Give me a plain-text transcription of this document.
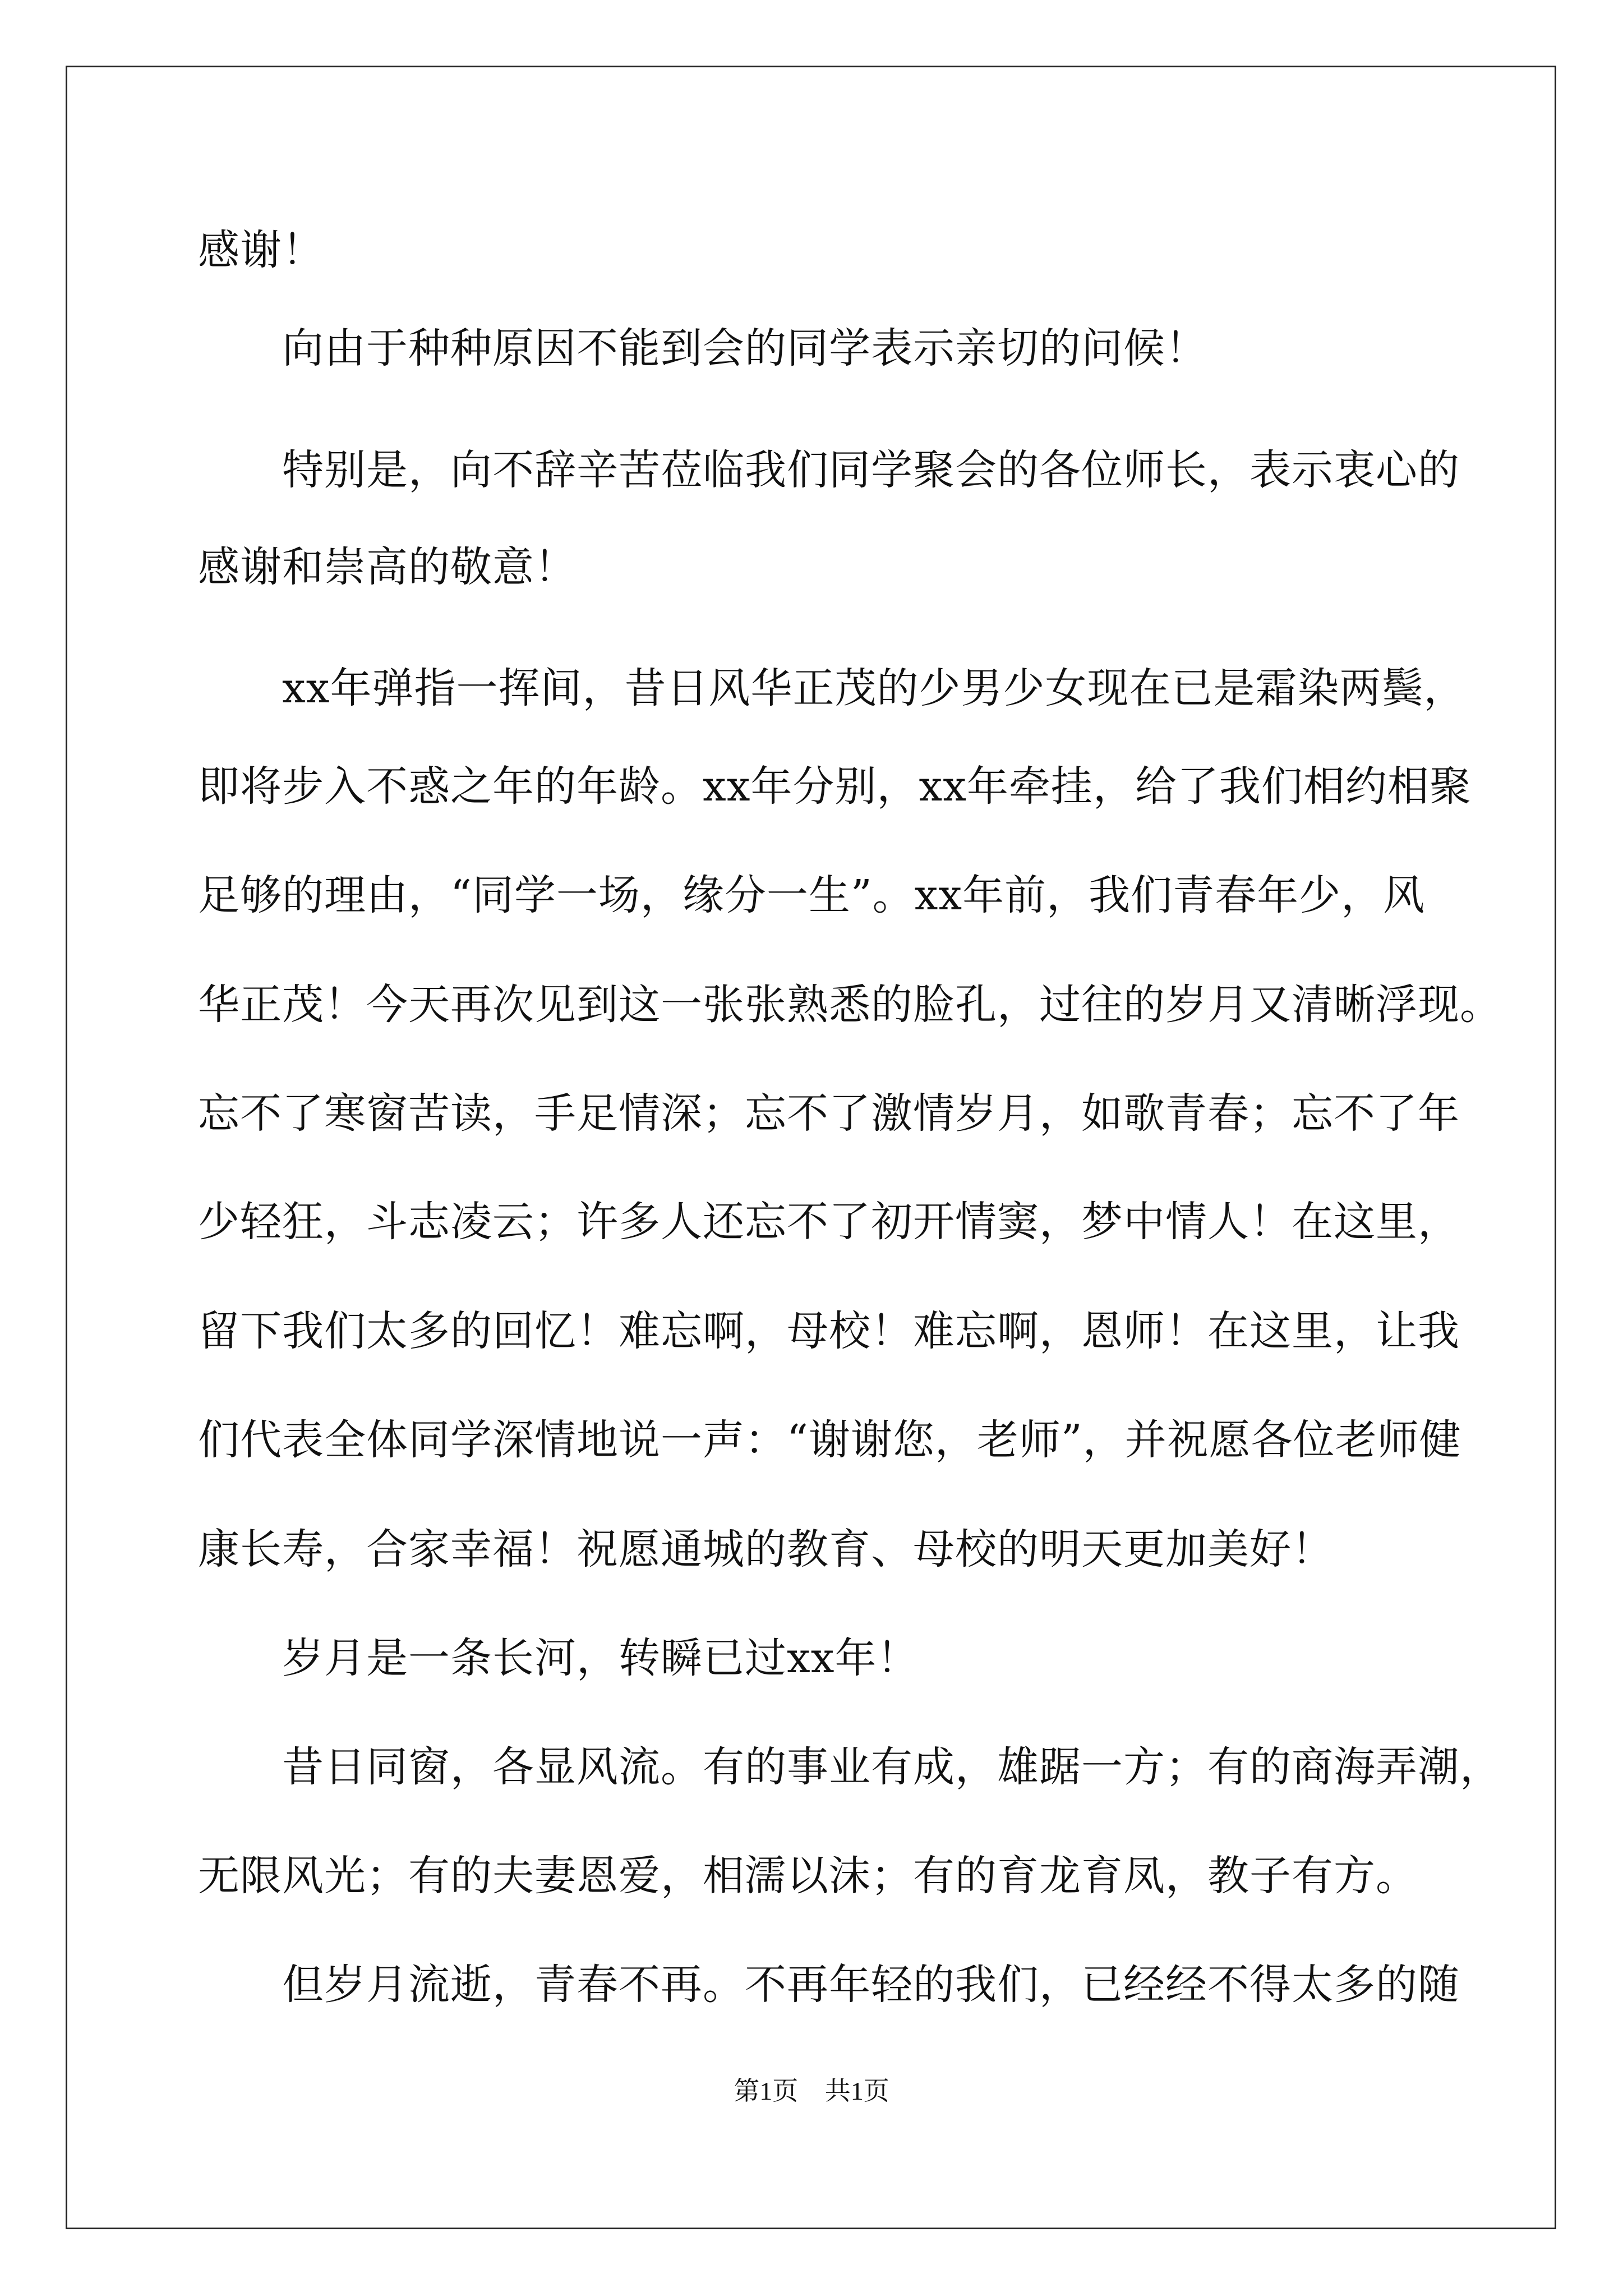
感谢！
　　向由于种种原因不能到会的同学表示亲切的问候！
　　特别是，向不辞辛苦莅临我们同学聚会的各位师长，表示衷心的
感谢和崇高的敬意！
　　xx年弹指一挥间，昔日风华正茂的少男少女现在已是霜染两鬓，
即将步入不惑之年的年龄。xx年分别，xx年牵挂，给了我们相约相聚
足够的理由，“同学一场，缘分一生”。xx年前，我们青春年少，风
华正茂！今天再次见到这一张张熟悉的脸孔，过往的岁月又清晰浮现。
忘不了寒窗苦读，手足情深；忘不了激情岁月，如歌青春；忘不了年
少轻狂，斗志凌云；许多人还忘不了初开情窦，梦中情人！在这里，
留下我们太多的回忆！难忘啊，母校！难忘啊，恩师！在这里，让我
们代表全体同学深情地说一声：“谢谢您，老师”，并祝愿各位老师健
康长寿，合家幸福！祝愿通城的教育、母校的明天更加美好！
　　岁月是一条长河，转瞬已过xx年！
　　昔日同窗，各显风流。有的事业有成，雄踞一方；有的商海弄潮，
无限风光；有的夫妻恩爱，相濡以沫；有的育龙育凤，教子有方。
　　但岁月流逝，青春不再。不再年轻的我们，已经经不得太多的随
第1页 共1页
